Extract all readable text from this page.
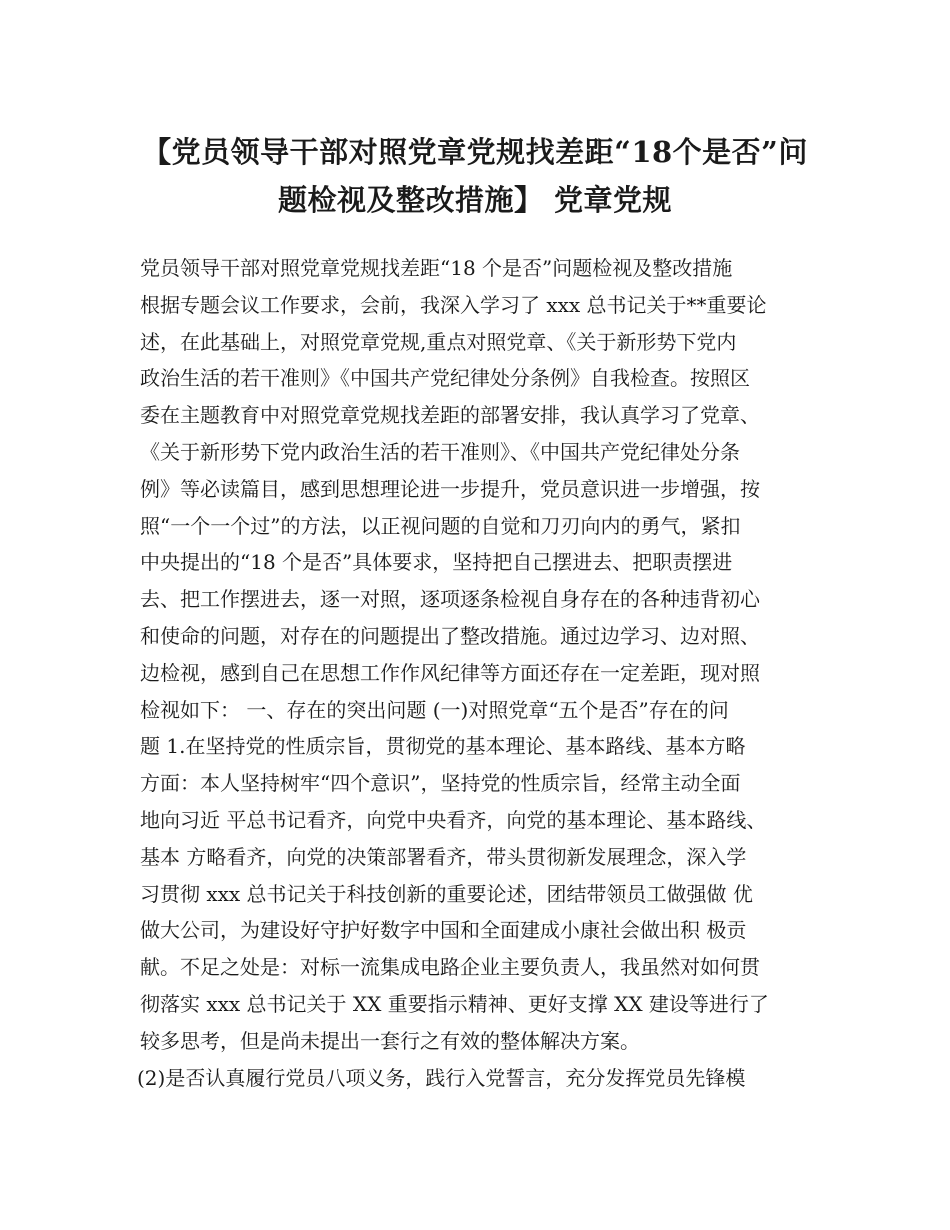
【党员领导干部对照党章党规找差距“18个是否”问
题检视及整改措施】 党章党规
党员领导干部对照党章党规找差距“18 个是否”问题检视及整改措施
根据专题会议工作要求，会前，我深入学习了 xxx 总书记关于**重要论
述，在此基础上，对照党章党规,重点对照党章、《关于新形势下党内
政治生活的若干准则》《中国共产党纪律处分条例》自我检查。按照区
委在主题教育中对照党章党规找差距的部署安排，我认真学习了党章、
《关于新形势下党内政治生活的若干准则》、《中国共产党纪律处分条
例》等必读篇目，感到思想理论进一步提升，党员意识进一步增强，按
照“一个一个过”的方法，以正视问题的自觉和刀刃向内的勇气，紧扣
中央提出的“18 个是否”具体要求，坚持把自己摆进去、把职责摆进
去、把工作摆进去，逐一对照，逐项逐条检视自身存在的各种违背初心
和使命的问题，对存在的问题提出了整改措施。通过边学习、边对照、
边检视，感到自己在思想工作作风纪律等方面还存在一定差距，现对照
检视如下： 一、存在的突出问题 (一)对照党章“五个是否”存在的问
题 1.在坚持党的性质宗旨，贯彻党的基本理论、基本路线、基本方略
方面：本人坚持树牢“四个意识”，坚持党的性质宗旨，经常主动全面
地向习近 平总书记看齐，向党中央看齐，向党的基本理论、基本路线、
基本 方略看齐，向党的决策部署看齐，带头贯彻新发展理念，深入学
习贯彻 xxx 总书记关于科技创新的重要论述，团结带领员工做强做 优
做大公司，为建设好守护好数字中国和全面建成小康社会做出积 极贡
献。不足之处是：对标一流集成电路企业主要负责人，我虽然对如何贯
彻落实 xxx 总书记关于 XX 重要指示精神、更好支撑 XX 建设等进行了
较多思考，但是尚未提出一套行之有效的整体解决方案。
(2)是否认真履行党员八项义务，践行入党誓言，充分发挥党员先锋模
